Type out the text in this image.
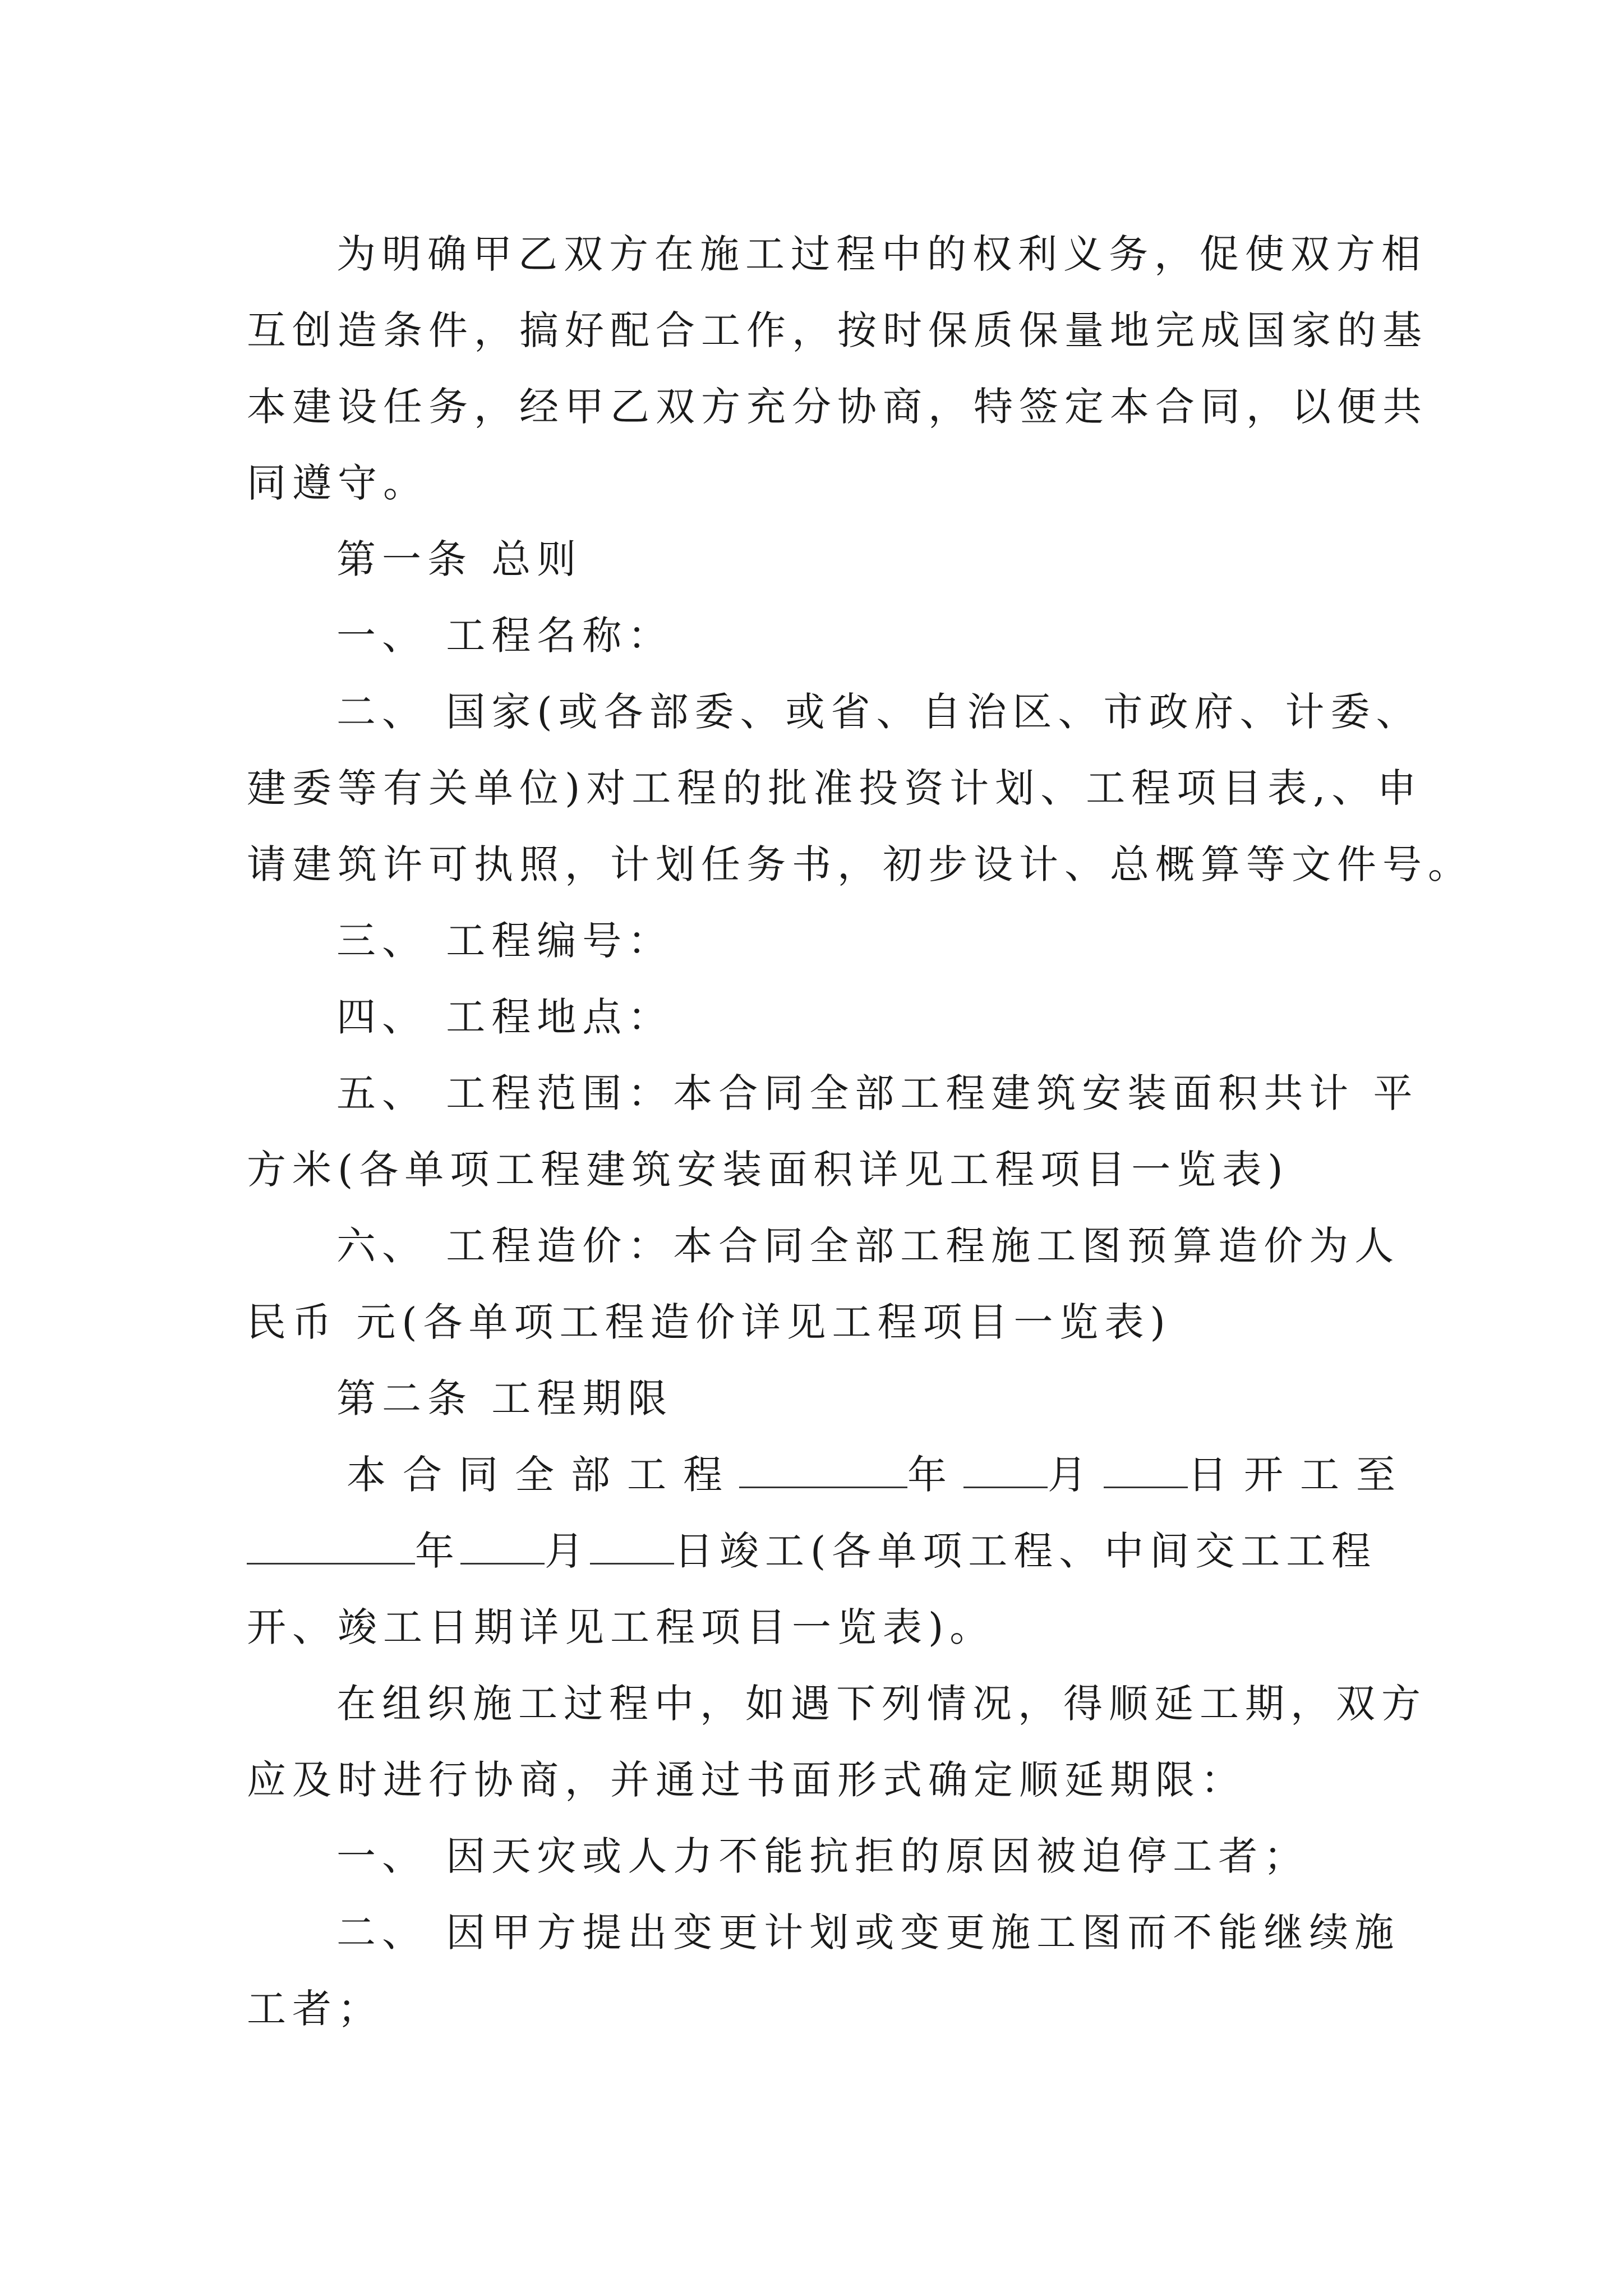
为明确甲乙双方在施工过程中的权利义务，促使双方相

互创造条件，搞好配合工作，按时保质保量地完成国家的基

本建设任务，经甲乙双方充分协商，特签定本合同，以便共

同遵守。

第一条 总则

一、 工程名称：

二、 国家(或各部委、或省、自治区、市政府、计委、

建委等有关单位)对工程的批准投资计划、工程项目表,、申

请建筑许可执照，计划任务书，初步设计、总概算等文件号。

三、 工程编号：

四、 工程地点：

五、 工程范围：本合同全部工程建筑安装面积共计 平

方米(各单项工程建筑安装面积详见工程项目一览表)

六、 工程造价：本合同全部工程施工图预算造价为人

民币 元(各单项工程造价详见工程项目一览表)

第二条 工程期限

本合同全部工程	年 月 日开工至

年 月 日竣工(各单项工程、中间交工工程

开、竣工日期详见工程项目一览表)。

在组织施工过程中，如遇下列情况，得顺延工期，双方

应及时进行协商，并通过书面形式确定顺延期限：

一、 因天灾或人力不能抗拒的原因被迫停工者；

二、 因甲方提出变更计划或变更施工图而不能继续施

工者；
